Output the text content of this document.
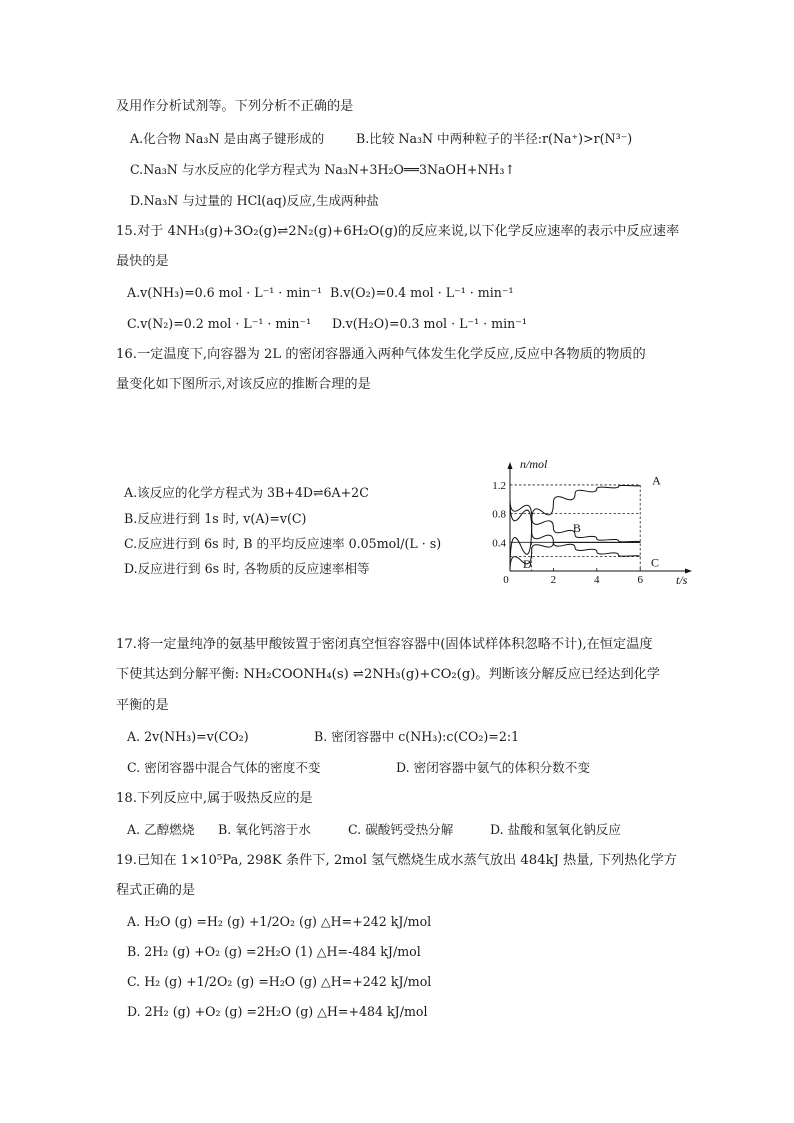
及用作分析试剂等。下列分析不正确的是
A.化合物 Na₃N 是由离子键形成的	B.比较 Na₃N 中两种粒子的半径:r(Na⁺)>r(N³⁻)
C.Na₃N 与水反应的化学方程式为 Na₃N+3H₂O══3NaOH+NH₃↑
D.Na₃N 与过量的 HCl(aq)反应,生成两种盐
15.对于 4NH₃(g)+3O₂(g)⇌2N₂(g)+6H₂O(g)的反应来说,以下化学反应速率的表示中反应速率
最快的是
A.v(NH₃)=0.6 mol · L⁻¹ · min⁻¹ B.v(O₂)=0.4 mol · L⁻¹ · min⁻¹
C.v(N₂)=0.2 mol · L⁻¹ · min⁻¹ D.v(H₂O)=0.3 mol · L⁻¹ · min⁻¹
16.一定温度下,向容器为 2L 的密闭容器通入两种气体发生化学反应,反应中各物质的物质的
量变化如下图所示,对该反应的推断合理的是
A.该反应的化学方程式为 3B+4D⇌6A+2C
B.反应进行到 1s 时, v(A)=v(C)
C.反应进行到 6s 时, B 的平均反应速率 0.05mol/(L · s)
D.反应进行到 6s 时, 各物质的反应速率相等
n/mol
t/s
1.2
0.8
0.4
0	2	4	6
A
B
C
D
17.将一定量纯净的氨基甲酸铵置于密闭真空恒容容器中(固体试样体积忽略不计),在恒定温度
下使其达到分解平衡: NH₂COONH₄(s) ⇌2NH₃(g)+CO₂(g)。判断该分解反应已经达到化学
平衡的是
A. 2v(NH₃)=v(CO₂)	B. 密闭容器中 c(NH₃):c(CO₂)=2:1
C. 密闭容器中混合气体的密度不变	D. 密闭容器中氨气的体积分数不变
18.下列反应中,属于吸热反应的是
A. 乙醇燃烧 B. 氧化钙溶于水	C. 碳酸钙受热分解	D. 盐酸和氢氧化钠反应
19.已知在 1×10⁵Pa, 298K 条件下, 2mol 氢气燃烧生成水蒸气放出 484kJ 热量, 下列热化学方
程式正确的是
A. H₂O (g) =H₂ (g) +1/2O₂ (g) △H=+242 kJ/mol
B. 2H₂ (g) +O₂ (g) =2H₂O (1) △H=-484 kJ/mol
C. H₂ (g) +1/2O₂ (g) =H₂O (g) △H=+242 kJ/mol
D. 2H₂ (g) +O₂ (g) =2H₂O (g) △H=+484 kJ/mol
